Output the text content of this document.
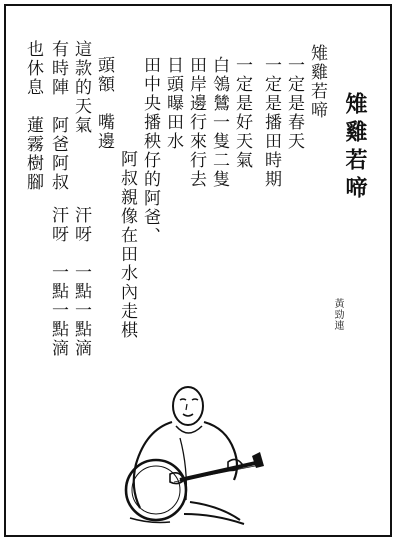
雉雞若啼
黃勁連
雉雞若啼
一定是春天
一定是播田時期
一定是好天氣
白鴒鷥一隻二隻
田岸邊行來行去
日頭曝田水
田中央播秧仔的阿爸、
阿叔親像在田水內走棋
頭額　嘴邊
汗呀　一點一點滴
汗呀　一點一點滴
這款的天氣
有時陣　阿爸阿叔
也休息　蓮霧樹腳
